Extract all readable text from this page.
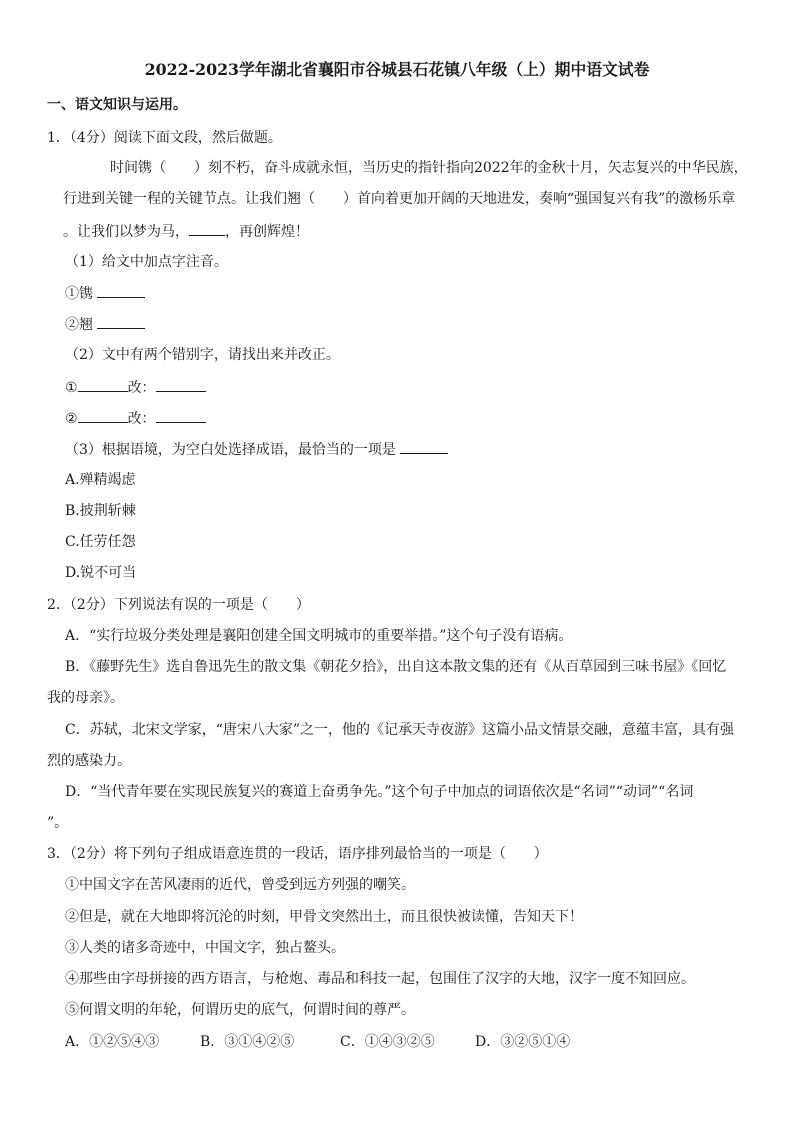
2022-2023学年湖北省襄阳市谷城县石花镇八年级（上）期中语文试卷
一、语文知识与运用。
1．（4分）阅读下面文段，然后做题。
时间镌（　　）刻不朽，奋斗成就永恒，当历史的指针指向2022年的金秋十月，矢志复兴的中华民族，
行进到关键一程的关键节点。让我们翘（　　）首向着更加开阔的天地进发，奏响“强国复兴有我”的激杨乐章
。让我们以梦为马，	，再创辉煌！
（1）给文中加点字注音。
①镌
②翘
（2）文中有两个错别字，请找出来并改正。
①	改：
②	改：
（3）根据语境，为空白处选择成语，最恰当的一项是
A.殚精竭虑
B.披荆斩棘
C.任劳任怨
D.锐不可当
2．（2分）下列说法有误的一项是（　　）
A．“实行垃圾分类处理是襄阳创建全国文明城市的重要举措。”这个句子没有语病。
B．《藤野先生》选自鲁迅先生的散文集《朝花夕拾》，出自这本散文集的还有《从百草园到三味书屋》《回忆
我的母亲》。
C．苏轼，北宋文学家，“唐宋八大家”之一，他的《记承天寺夜游》这篇小品文情景交融，意蕴丰富，具有强
烈的感染力。
D．“当代青年要在实现民族复兴的赛道上奋勇争先。”这个句子中加点的词语依次是“名词”“动词”“名词
”。
3．（2分）将下列句子组成语意连贯的一段话，语序排列最恰当的一项是（　　）
①中国文字在苦风凄雨的近代，曾受到远方列强的嘲笑。
②但是，就在大地即将沉沦的时刻，甲骨文突然出土，而且很快被读懂，告知天下！
③人类的诸多奇迹中，中国文字，独占鳌头。
④那些由字母拼接的西方语言，与枪炮、毒品和科技一起，包围住了汉字的大地，汉字一度不知回应。
⑤何谓文明的年轮，何谓历史的底气，何谓时间的尊严。
A．①②⑤④③	B．③①④②⑤	C．①④③②⑤	D．③②⑤①④
